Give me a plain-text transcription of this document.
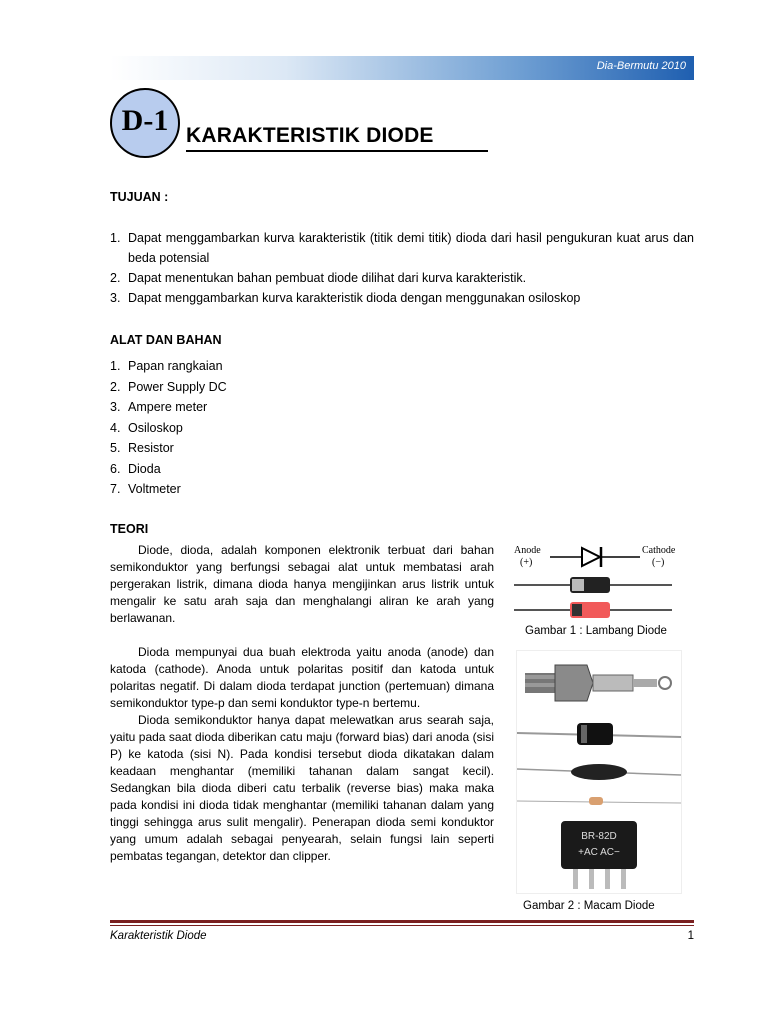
Dia-Bermutu 2010
D-1 KARAKTERISTIK DIODE
TUJUAN :
1. Dapat menggambarkan kurva karakteristik (titik demi titik) dioda dari hasil pengukuran kuat arus dan beda potensial
2. Dapat menentukan bahan pembuat diode dilihat dari kurva karakteristik.
3. Dapat menggambarkan kurva karakteristik dioda dengan menggunakan osiloskop
ALAT DAN BAHAN
1. Papan rangkaian
2. Power Supply DC
3. Ampere meter
4. Osiloskop
5. Resistor
6. Dioda
7. Voltmeter
TEORI

Diode, dioda, adalah komponen elektronik terbuat dari bahan semikonduktor yang berfungsi sebagai alat untuk membatasi arah pergerakan listrik, dimana dioda hanya mengijinkan arus listrik untuk mengalir ke satu arah saja dan menghalangi aliran ke arah yang berlawanan.

Dioda mempunyai dua buah elektroda yaitu anoda (anode) dan katoda (cathode). Anoda untuk polaritas positif dan katoda untuk polaritas negatif. Di dalam dioda terdapat junction (pertemuan) dimana semikonduktor type-p dan semi konduktor type-n bertemu.

Dioda semikonduktor hanya dapat melewatkan arus searah saja, yaitu pada saat dioda diberikan catu maju (forward bias) dari anoda (sisi P) ke katoda (sisi N). Pada kondisi tersebut dioda dikatakan dalam keadaan menghantar (memiliki tahanan dalam sangat kecil). Sedangkan bila dioda diberi catu terbalik (reverse bias) maka maka pada kondisi ini dioda tidak menghantar (memiliki tahanan dalam yang tinggi sehingga arus sulit mengalir). Penerapan dioda semi konduktor yang umum adalah sebagai penyearah, selain fungsi lain seperti pembatas tegangan, detektor dan clipper.

Anode
(+)
Cathode
(−)
Gambar 1 : Lambang Diode
BR-82D
+AC AC−
Gambar 2 : Macam Diode
Karakteristik Diode	1
